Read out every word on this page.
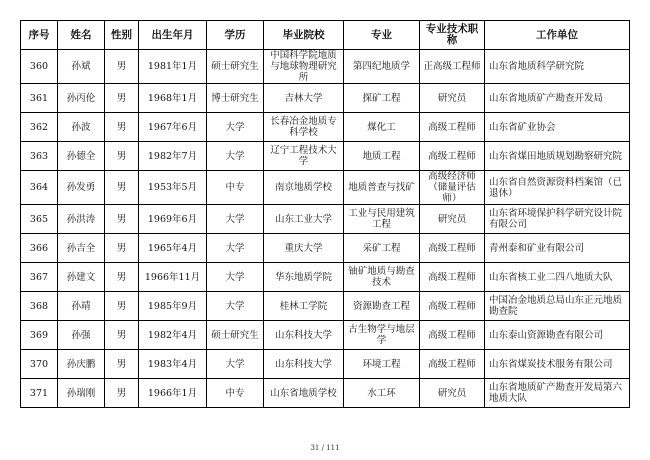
序号	姓名	性别	出生年月	学历	毕业院校	专业	专业技术职称	工作单位
360	孙斌	男	1981年1月	硕士研究生	中国科学院地质与地球物理研究所	第四纪地质学	正高级工程师	山东省地质科学研究院
361	孙丙伦	男	1968年1月	博士研究生	吉林大学	探矿工程	研究员	山东省地质矿产勘查开发局
362	孙波	男	1967年6月	大学	长春冶金地质专科学校	煤化工	高级工程师	山东省矿业协会
363	孙德全	男	1982年7月	大学	辽宁工程技术大学	地质工程	高级工程师	山东省煤田地质规划勘察研究院
364	孙发勇	男	1953年5月	中专	南京地质学校	地质普查与找矿	高级经济师（储量评估师）	山东省自然资源资料档案馆（已退休）
365	孙洪涛	男	1969年6月	大学	山东工业大学	工业与民用建筑工程	研究员	山东省环境保护科学研究设计院有限公司
366	孙吉全	男	1965年4月	大学	重庆大学	采矿工程	高级工程师	青州泰和矿业有限公司
367	孙建文	男	1966年11月	大学	华东地质学院	铀矿地质与勘查技术	高级工程师	山东省核工业二四八地质大队
368	孙靖	男	1985年9月	大学	桂林工学院	资源勘查工程	高级工程师	中国冶金地质总局山东正元地质勘查院
369	孙强	男	1982年4月	硕士研究生	山东科技大学	古生物学与地层学	高级工程师	山东泰山资源勘查有限公司
370	孙庆鹏	男	1983年4月	大学	山东科技大学	环境工程	高级工程师	山东省煤炭技术服务有限公司
371	孙瑞刚	男	1966年1月	中专	山东省地质学校	水工环	研究员	山东省地质矿产勘查开发局第六地质大队
31 / 111
